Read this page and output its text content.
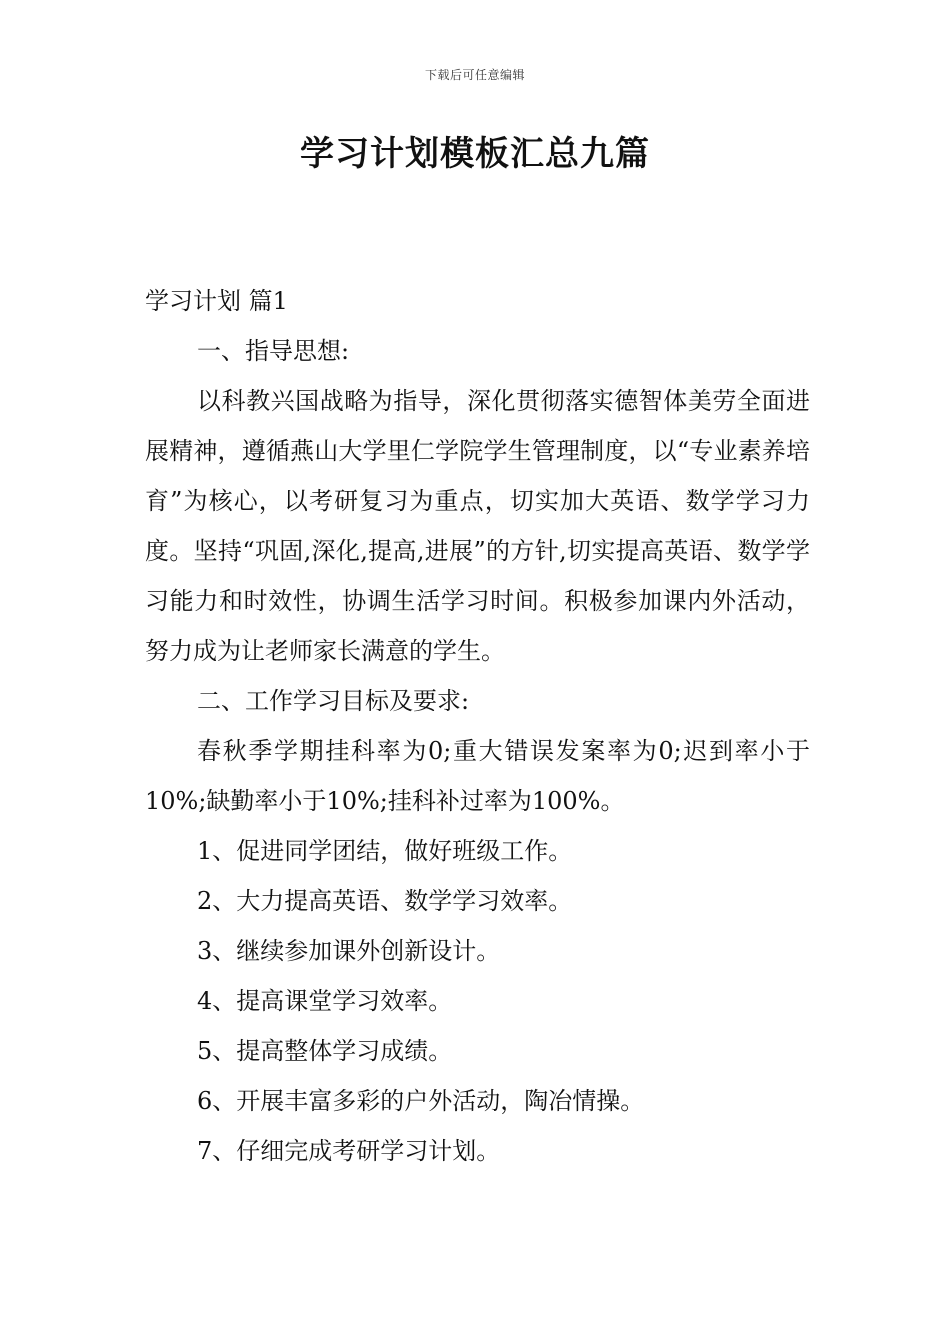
下载后可任意编辑
学习计划模板汇总九篇

学习计划 篇1

一、指导思想:

以科教兴国战略为指导，深化贯彻落实德智体美劳全面进展精神，遵循燕山大学里仁学院学生管理制度，以“专业素养培育”为核心，以考研复习为重点，切实加大英语、数学学习力度。坚持“巩固,深化,提高,进展”的方针,切实提高英语、数学学习能力和时效性，协调生活学习时间。积极参加课内外活动，努力成为让老师家长满意的学生。

二、工作学习目标及要求:

春秋季学期挂科率为0;重大错误发案率为0;迟到率小于10%;缺勤率小于10%;挂科补过率为100%。

1、促进同学团结，做好班级工作。

2、大力提高英语、数学学习效率。

3、继续参加课外创新设计。

4、提高课堂学习效率。

5、提高整体学习成绩。

6、开展丰富多彩的户外活动，陶冶情操。

7、仔细完成考研学习计划。
